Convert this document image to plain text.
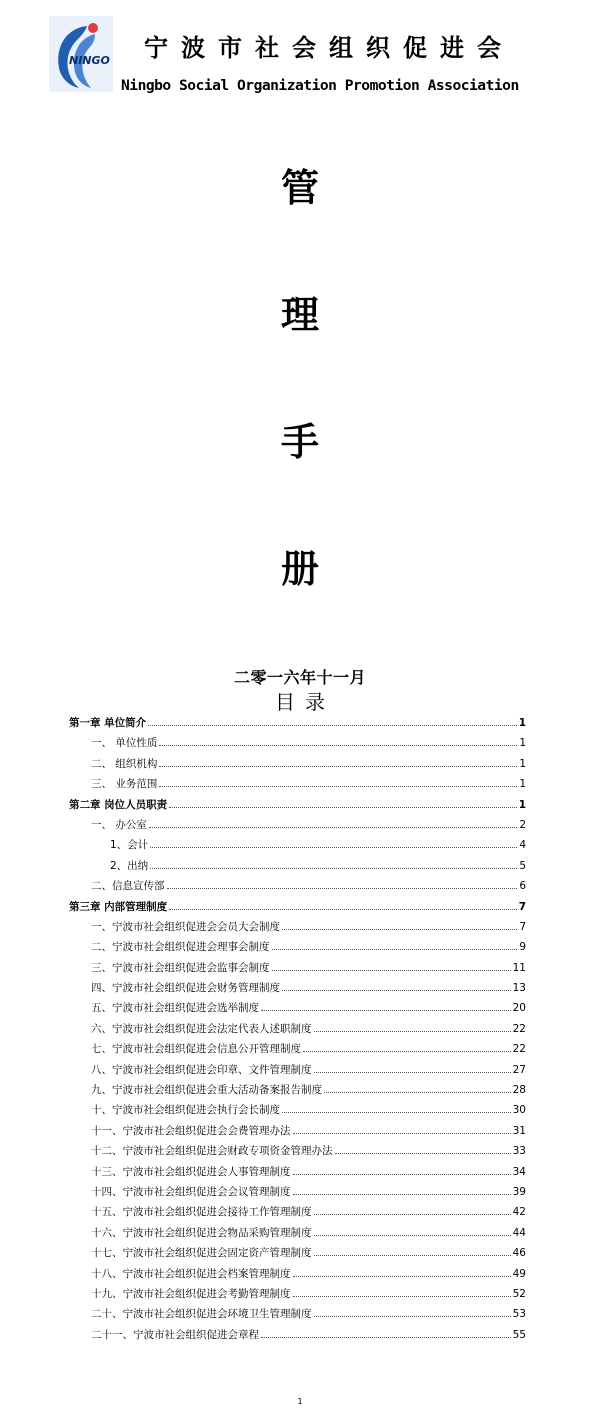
NINGO 宁波市社会组织促进会
Ningbo Social Organization Promotion Association
管
理
手
册
二零一六年十一月
目录
第一章 单位简介	1
一、 单位性质	1
二、 组织机构	1
三、 业务范围	1
第二章 岗位人员职责	1
一、 办公室	2
1、会计	4
2、出纳	5
二、信息宣传部	6
第三章 内部管理制度	7
一、宁波市社会组织促进会会员大会制度	7
二、宁波市社会组织促进会理事会制度	9
三、宁波市社会组织促进会监事会制度	11
四、宁波市社会组织促进会财务管理制度	13
五、宁波市社会组织促进会选举制度	20
六、宁波市社会组织促进会法定代表人述职制度	22
七、宁波市社会组织促进会信息公开管理制度	22
八、宁波市社会组织促进会印章、文件管理制度	27
九、宁波市社会组织促进会重大活动备案报告制度	28
十、宁波市社会组织促进会执行会长制度	30
十一、宁波市社会组织促进会会费管理办法	31
十二、宁波市社会组织促进会财政专项资金管理办法	33
十三、宁波市社会组织促进会人事管理制度	34
十四、宁波市社会组织促进会会议管理制度	39
十五、宁波市社会组织促进会接待工作管理制度	42
十六、宁波市社会组织促进会物品采购管理制度	44
十七、宁波市社会组织促进会固定资产管理制度	46
十八、宁波市社会组织促进会档案管理制度	49
十九、宁波市社会组织促进会考勤管理制度	52
二十、宁波市社会组织促进会环境卫生管理制度	53
二十一、宁波市社会组织促进会章程	55
1
